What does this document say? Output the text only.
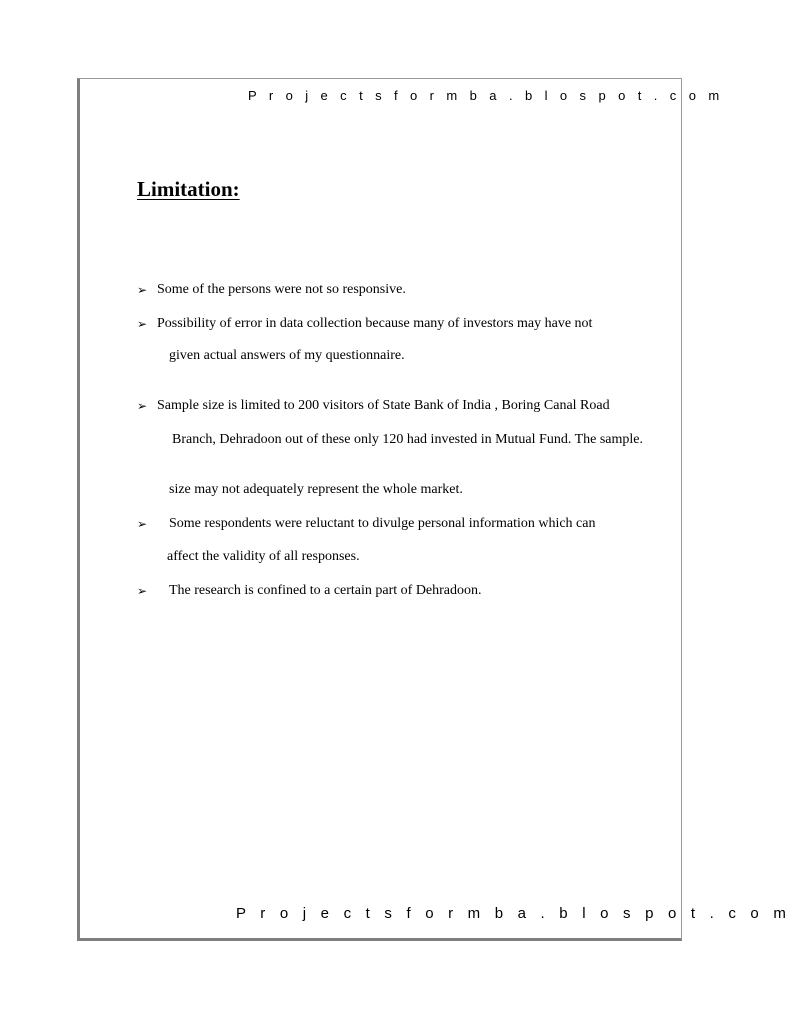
P r o j e c t s f o r m b a . b l o s p o t . c o m
Limitation:
➢ Some of the persons were not so responsive.
➢ Possibility of error in data collection because many of investors may have not
given actual answers of my questionnaire.
➢ Sample size is limited to 200 visitors of State Bank of India , Boring Canal Road
Branch, Dehradoon out of these only 120 had invested in Mutual Fund. The sample.
size may not adequately represent the whole market.
➢ Some respondents were reluctant to divulge personal information which can
affect the validity of all responses.
➢ The research is confined to a certain part of Dehradoon.
P r o j e c t s f o r m b a . b l o s p o t . c o m
